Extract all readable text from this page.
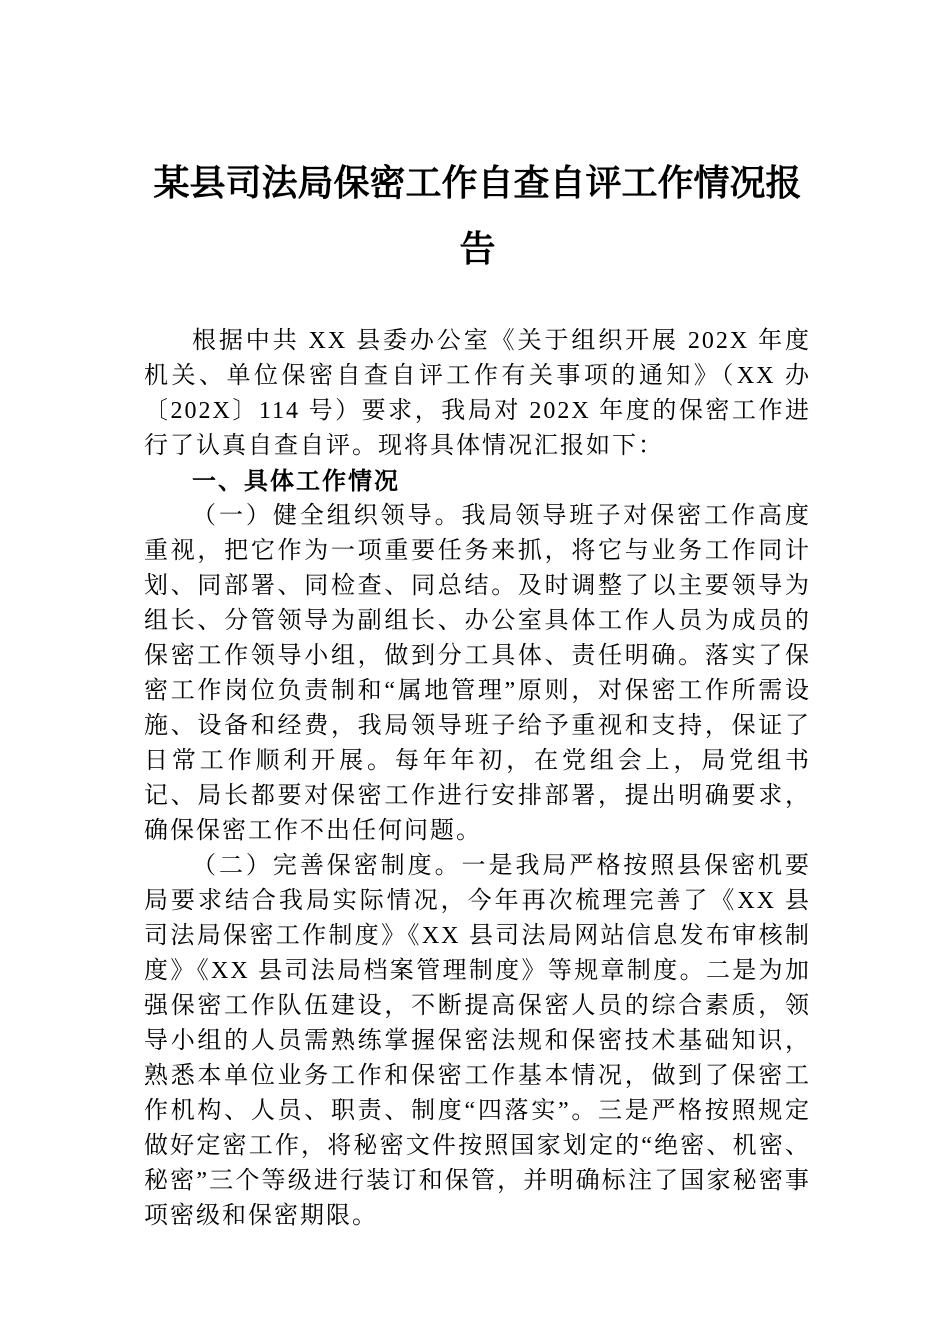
某县司法局保密工作自查自评工作情况报告

根据中共 XX 县委办公室《关于组织开展 202X 年度机关、单位保密自查自评工作有关事项的通知》（XX 办〔202X〕114 号）要求，我局对 202X 年度的保密工作进行了认真自查自评。现将具体情况汇报如下：

一、具体工作情况

（一）健全组织领导。我局领导班子对保密工作高度重视，把它作为一项重要任务来抓，将它与业务工作同计划、同部署、同检查、同总结。及时调整了以主要领导为组长、分管领导为副组长、办公室具体工作人员为成员的保密工作领导小组，做到分工具体、责任明确。落实了保密工作岗位负责制和“属地管理”原则，对保密工作所需设施、设备和经费，我局领导班子给予重视和支持，保证了日常工作顺利开展。每年年初，在党组会上，局党组书记、局长都要对保密工作进行安排部署，提出明确要求，确保保密工作不出任何问题。

（二）完善保密制度。一是我局严格按照县保密机要局要求结合我局实际情况，今年再次梳理完善了《XX 县司法局保密工作制度》《XX 县司法局网站信息发布审核制度》《XX 县司法局档案管理制度》等规章制度。二是为加强保密工作队伍建设，不断提高保密人员的综合素质，领导小组的人员需熟练掌握保密法规和保密技术基础知识，熟悉本单位业务工作和保密工作基本情况，做到了保密工作机构、人员、职责、制度“四落实”。三是严格按照规定做好定密工作，将秘密文件按照国家划定的“绝密、机密、秘密”三个等级进行装订和保管，并明确标注了国家秘密事项密级和保密期限。
